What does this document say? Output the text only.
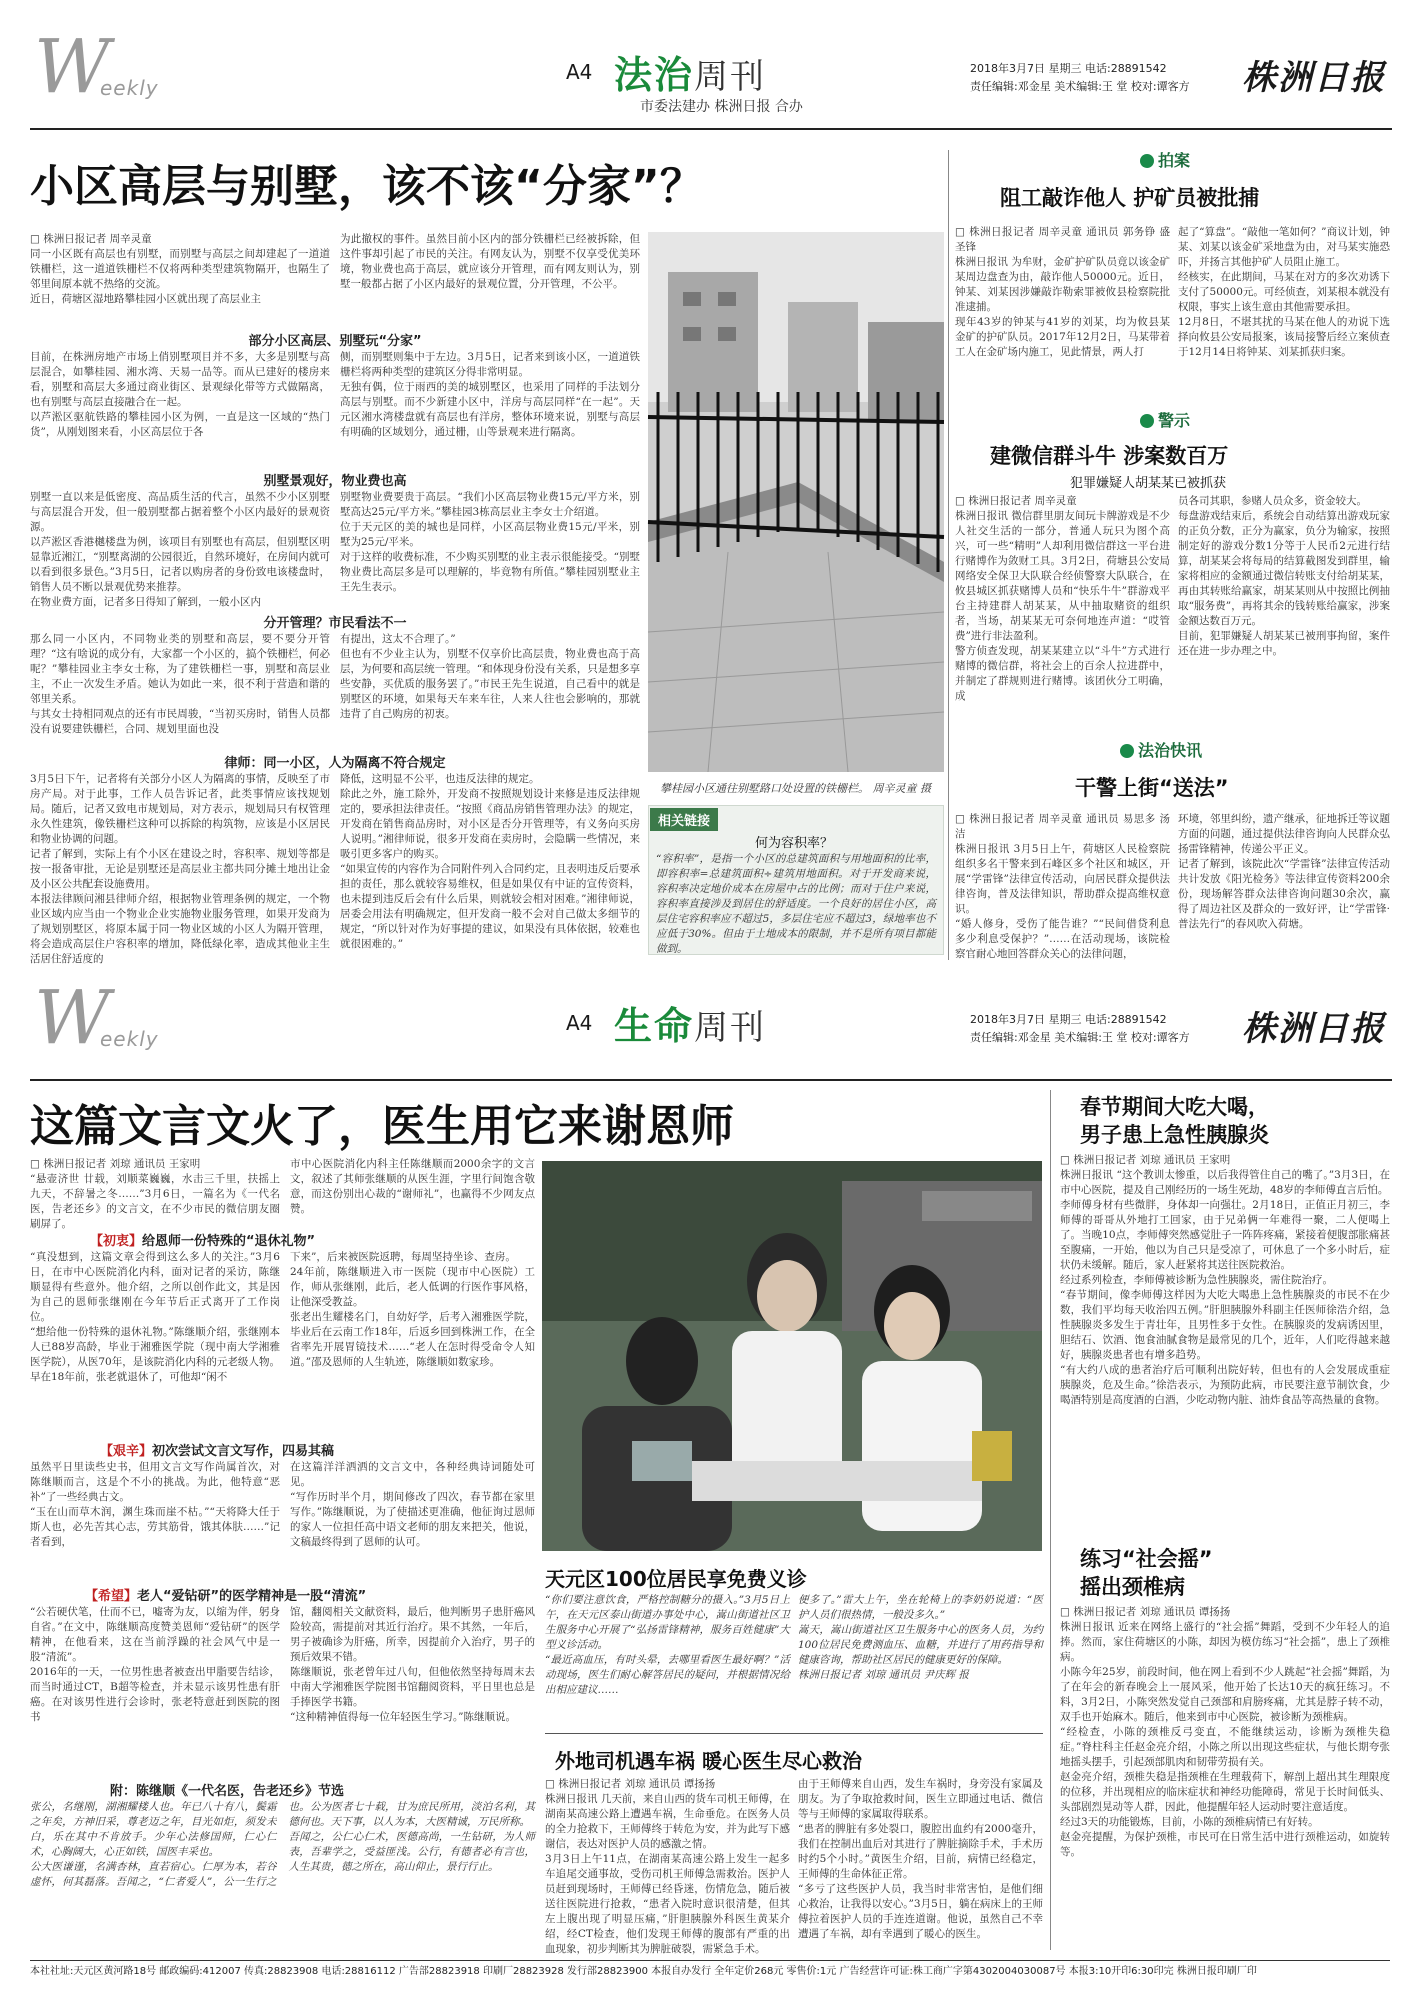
W
eekly
A4 法治周刊
市委法建办 株洲日报 合办
2018年3月7日 星期三 电话:28891542
责任编辑:邓金星 美术编辑:王 堂 校对:谭客方 株洲日报
小区高层与别墅，该不该“分家”？
□ 株洲日报记者 周辛灵童
同一小区既有高层也有别墅，而别墅与高层之间却建起了一道道铁栅栏，这一道道铁栅栏不仅将两种类型建筑物隔开，也隔生了邻里间原本就不热络的交流。
近日，荷塘区湿地路攀桂园小区就出现了高层业主
为此撤权的事件。虽然目前小区内的部分铁栅栏已经被拆除，但这件事却引起了市民的关注。有网友认为，别墅不仅享受优美环境，物业费也高于高层，就应该分开管理，而有网友则认为，别墅一般都占据了小区内最好的景观位置，分开管理，不公平。
部分小区高层、别墅玩“分家”
目前，在株洲房地产市场上俏别墅项目并不多，大多是别墅与高层混合，如攀桂园、湘水湾、天易一品等。而从已建好的楼房来看，别墅和高层大多通过商业街区、景观绿化带等方式做隔离，也有别墅与高层直接融合在一起。
以芦淞区驱航铁路的攀桂园小区为例，一直是这一区域的“热门货”，从刚划图来看，小区高层位于各
侧，而别墅则集中于左边。3月5日，记者来到该小区，一道道铁栅栏将两种类型的建筑区分得非常明显。
无独有偶，位于雨西的美的城别墅区，也采用了同样的手法划分高层与别墅。而不少新建小区中，洋房与高层同样“在一起”。天元区湘水湾楼盘就有高层也有洋房，整体环境来说，别墅与高层有明确的区域划分，通过栅，山等景观来进行隔离。
别墅景观好，物业费也高
别墅一直以来是低密度、高品质生活的代言，虽然不少小区别墅与高层混合开发，但一般别墅都占据着整个小区内最好的景观资源。
以芦淞区香港樾楼盘为例，该项目有别墅也有高层，但别墅区明显靠近湘江，“别墅离湖的公园很近，自然环境好，在房间内就可以看到很多景色。”3月5日，记者以购房者的身份致电该楼盘时，销售人员不断以景观优势来推荐。
在物业费方面，记者多日得知了解到，一般小区内
别墅物业费要贵于高层。“我们小区高层物业费15元/平方米，别墅高达25元/平方米。”攀桂园3栋高层业主李女士介绍道。
位于天元区的美的城也是同样，小区高层物业费15元/平米，别墅为25元/平米。
对于这样的收费标准，不少购买别墅的业主表示很能接受。“别墅物业费比高层多是可以理解的，毕竟物有所值。”攀桂园别墅业主王先生表示。
分开管理？市民看法不一
那么同一小区内，不同物业类的别墅和高层，要不要分开管理？“这有啥说的成分有，大家都一个小区的，搞个铁栅栏，何必呢？”攀桂园业主李女士称，为了建铁栅栏一事，别墅和高层业主，不止一次发生矛盾。她认为如此一来，很不利于营造和谐的邻里关系。
与其女士持相同观点的还有市民周骏，“当初买房时，销售人员都没有说要建铁栅栏，合同、规划里面也没
有提出，这太不合理了。”
但也有不少业主认为，别墅不仅享价比高层贵，物业费也高于高层，为何要和高层统一管理。“和体现身份没有关系，只是想多享些安静，买优质的服务罢了。”市民王先生说道，自己看中的就是别墅区的环境，如果每天车来车往，人来人往也会影响的，那就违背了自己购房的初衷。
律师：同一小区，人为隔离不符合规定
3月5日下午，记者将有关部分小区人为隔离的事情，反映至了市房产局。对于此事，工作人员告诉记者，此类事情应该找规划局。随后，记者又致电市规划局，对方表示，规划局只有权管理永久性建筑，像铁栅栏这种可以拆除的构筑物，应该是小区居民和物业协调的问题。
记者了解到，实际上有个小区在建设之时，容积率、规划等都是按一报备审批，无论是别墅还是高层业主都共同分摊土地出让金及小区公共配套设施费用。
本报法律顾问湘县律师介绍，根据物业管理条例的规定，一个物业区域内应当由一个物业企业实施物业服务管理，如果开发商为了规划别墅区，将原本属于同一物业区域的小区人为隔开管理，将会造成高层住户容积率的增加，降低绿化率，造成其他业主生活居住舒适度的
降低，这明显不公平，也违反法律的规定。
除此之外，施工除外，开发商不按照规划设计来修是违反法律规定的，要承担法律责任。“按照《商品房销售管理办法》的规定，开发商在销售商品房时，对小区是否分开管理等，有义务向买房人说明。”湘律师说，很多开发商在卖房时，会隐瞒一些情况，来吸引更多客户的购买。
“如果宣传的内容作为合同附件列入合同约定，且表明违反后要承担的责任，那么就较容易维权，但是如果仅有中证的宣传资料，也未提到违反后会有什么后果，则就较会相对困难。”湘律师说，居委会用法有明确规定，但开发商一般不会对自己做太多细节的规定，“所以针对作为好事提的建议，如果没有具体依据，较难也就很困难的。”
攀桂园小区通往别墅路口处设置的铁栅栏。 周辛灵童 摄
相关链接
何为容积率？
“容积率”，是指一个小区的总建筑面积与用地面积的比率，即容积率=总建筑面积÷建筑用地面积。对于开发商来说，容积率决定地价成本在房屋中占的比例；而对于住户来说，容积率直接涉及到居住的舒适度。一个良好的居住小区，高层住宅容积率应不超过5，多层住宅应不超过3，绿地率也不应低于30%。但由于土地成本的限制，并不是所有项目都能做到。
拍案
阻工敲诈他人 护矿员被批捕
□ 株洲日报记者 周辛灵童 通讯员 郭务铮 盛圣锋
株洲日报讯 为牟财，金矿护矿队员竟以该金矿某周边盘查为由，敲诈他人50000元。近日，钟某、刘某因涉嫌敲诈勒索罪被攸县检察院批准逮捕。
现年43岁的钟某与41岁的刘某，均为攸县某金矿的护矿队员。2017年12月2日，马某带着工人在金矿场内施工，见此情景，两人打
起了“算盘”。“敲他一笔如何？”商议计划，钟某、刘某以该金矿采地盘为由，对马某实施恐吓，并扬言其他护矿人员阻止施工。
经核实，在此期间，马某在对方的多次劝诱下支付了50000元。可经侦查，刘某根本就没有权限，事实上该生意由其他需要承担。
12月8日，不堪其扰的马某在他人的劝说下选择向攸县公安局报案，该局接警后经立案侦查于12月14日将钟某、刘某抓获归案。
警示
建微信群斗牛 涉案数百万
犯罪嫌疑人胡某某已被抓获
□ 株洲日报记者 周辛灵童
株洲日报讯 微信群里朋友间玩卡牌游戏是不少人社交生活的一部分，普通人玩只为图个高兴，可一些“精明”人却利用微信群这一平台进行赌博作为敛财工具。3月2日，荷塘县公安局网络安全保卫大队联合经侦警察大队联合，在攸县城区抓获赌博人员和“快乐牛牛”群游戏平台主持建群人胡某某，从中抽取赌资的组织者，当场，胡某某无可奈何地连声道：“哎管费”进行非法盈利。
警方侦查发现，胡某某建立以“斗牛”方式进行赌博的微信群，将社会上的百余人拉进群中，并制定了群规则进行赌博。该团伙分工明确，成
员各司其职，参赌人员众多，资金较大。
每盘游戏结束后，系统会自动结算出游戏玩家的正负分数，正分为赢家，负分为输家，按照制定好的游戏分数1分等于人民币2元进行结算，胡某某会将每局的结算截图发到群里，输家将相应的金额通过微信转账支付给胡某某，再由其转账给赢家，胡某某则从中按照比例抽取“服务费”，再将其余的钱转账给赢家，涉案金额达数百万元。
目前，犯罪嫌疑人胡某某已被刑事拘留，案件还在进一步办理之中。
法治快讯
干警上街“送法”
□ 株洲日报记者 周辛灵童 通讯员 易思多 汤洁
株洲日报讯 3月5日上午，荷塘区人民检察院组织多名干警来到石峰区多个社区和城区，开展“学雷锋”法律宣传活动，向居民群众提供法律咨询，普及法律知识，帮助群众提高维权意识。
“婚人修身，受伤了能告谁？”“民间借贷利息多少利息受保护？”……在活动现场，该院检察官耐心地回答群众关心的法律问题，
环境，邻里纠纷，遗产继承，征地拆迁等议题方面的问题，通过提供法律咨询向人民群众弘扬雷锋精神，传递公平正义。
记者了解到，该院此次“学雷锋”法律宣传活动共计发放《阳光检务》等法律宣传资料200余份，现场解答群众法律咨询问题30余次，赢得了周边社区及群众的一致好评，让“学雷锋·普法先行”的春风吹入荷塘。
W
eekly
A4 生命周刊	2018年3月7日 星期三 电话:28891542
责任编辑:邓金星 美术编辑:王 堂 校对:谭客方 株洲日报
这篇文言文火了，医生用它来谢恩师
□ 株洲日报记者 刘琼 通讯员 王家明
“悬壶济世 廿载，刘顺菜巍巍，水击三千里，扶摇上九天，不辞暑之冬……”3月6日，一篇名为《一代名医，告老还乡》的文言文，在不少市民的微信朋友圈刷屏了。
市中心医院消化内科主任陈继顺而2000余字的文言文，叙述了其师张继顺的从医生涯，字里行间饱含敬意，而这份别出心裁的“谢师礼”，也赢得不少网友点赞。
【初衷】给恩师一份特殊的“退休礼物”
“真没想到，这篇文章会得到这么多人的关注。”3月6日，在市中心医院消化内科，面对记者的采访，陈继顺显得有些意外。他介绍，之所以创作此文，其是因为自己的恩师张继刚在今年节后正式离开了工作岗位。
“想给他一份特殊的退休礼物。”陈继顺介绍，张继刚本人已88岁高龄，毕业于湘雅医学院（现中南大学湘雅医学院），从医70年，是该院消化内科的元老级人物。早在18年前，张老就退休了，可他却“闲不
下来”，后来被医院返聘，每周坚持坐诊、查房。
24年前，陈继顺进入市一医院（现市中心医院）工作，师从张继刚，此后，老人低调的行医作事风格，让他深受教益。
张老出生耀楼名门，自幼好学，后考入湘雅医学院，毕业后在云南工作18年，后返乡回到株洲工作，在全省率先开展胃镜技术……“老人在怎时得受命令人知道。”邵及恩师的人生轨迹，陈继顺如数家珍。
【艰辛】初次尝试文言文写作，四易其稿
虽然平日里读些史书，但用文言文写作尚属首次，对陈继顺而言，这是个不小的挑战。为此，他特意“恶补”了一些经典古文。
“玉在山而草木润，渊生珠而崖不枯。”“天将降大任于斯人也，必先苦其心志，劳其筋骨，饿其体肤……”记者看到，
在这篇洋洋洒洒的文言文中，各种经典诗词随处可见。
“写作历时半个月，期间修改了四次，春节都在家里写作。”陈继顺说，为了使描述更准确，他征询过恩师的家人一位担任高中语文老师的朋友来把关，他说，文稿最终得到了恩师的认可。
【希望】老人“爱钻研”的医学精神是一股“清流”
“公若硬伏笔，仕而不已，嘘寄为友，以缩为伴，躬身自省。”在文中，陈继顺高度赞美恩师“爱钻研”的医学精神，在他看来，这在当前浮躁的社会风气中是一股“清流”。
2016年的一天，一位男性患者被查出甲脂要告结诊，而当时通过CT，B超等检查，并未显示该男性患有肝癌。在对该男性进行会诊时，张老特意赶到医院的图书
馆，翻阅相关文献资料，最后，他判断男子患肝癌风险较高，需提前对其近行治疗。果不其然，一年后，男子被确诊为肝癌，所幸，因提前介入治疗，男子的预后效果不错。
陈继顺说，张老曾年过八旬，但他依然坚持每周末去中南大学湘雅医学院图书馆翻阅资料，平日里也总是手捧医学书籍。
“这种精神值得每一位年轻医生学习。”陈继顺说。
附：陈继顺《一代名医，告老还乡》节选
张公，名继刚，湖湘耀楼人也。年已八十有八，鬓霜之年矣，方神旧采，尊老迈之年，目光如炬，须发未白，乐在其中不肯放手。少年心法修国师，仁心仁术，心胸阔大，心正如铁，国医丰采也。
公大医谦谨，名满杏林，直若宿心。仁厚为本，若谷虚怀，何其磊落。吾闻之，“仁者爱人”，公一生行之也。公为医者七十载，甘为庶民所用，淡泊名利，其德何也。天下事，以人为本，大医精诚，万民所称。
吾闻之，公仁心仁术，医德高尚，一生钻研，为人师表，吾辈学之，受益匪浅。公行，有德者必有言也，人生其贵，德之所在，高山仰止，景行行止。
天元区100位居民享免费义诊
“你们要注意饮食，严格控制糖分的摄入。”3月5日上午，在天元区泰山街道办事处中心，嵩山街道社区卫生服务中心开展了“弘扬雷锋精神，服务百姓健康”大型义诊活动。
“最近高血压，有时头晕，去哪里看医生最好啊？”活动现场，医生们耐心解答居民的疑问，并根据情况给出相应建议……
便多了。”雷大上午，坐在轮椅上的李奶奶说道：“医护人员们很热情，一般没多久。”
嵩天，嵩山街道社区卫生服务中心的医务人员，为约100位居民免费测血压、血糖，并进行了用药指导和健康咨询，帮助社区居民的健康更好的保障。
株洲日报记者 刘琼 通讯员 尹庆辉 报
外地司机遇车祸 暖心医生尽心救治
□ 株洲日报记者 刘琼 通讯员 谭扬扬
株洲日报讯 几天前，来自山西的货车司机王师傅，在湖南某高速公路上遭遇车祸，生命垂危。在医务人员的全力抢救下，王师傅终于转危为安，并为此写下感谢信，表达对医护人员的感激之情。
3月3日上午11点，在湖南某高速公路上发生一起多车追尾交通事故，受伤司机王师傅急需救治。医护人员赶到现场时，王师傅已经昏迷，伤情危急，随后被送往医院进行抢救，“患者入院时意识很清楚，但其左上腹出现了明显压痛，”肝胆胰腺外科医生黄某介绍，经CT检查，他们发现王师傅的腹部有严重的出血现象，初步判断其为脾脏破裂，需紧急手术。
由于王师傅来自山西，发生车祸时，身旁没有家属及朋友。为了争取抢救时间，医生立即通过电话、微信等与王师傅的家属取得联系。
“患者的脾脏有多处裂口，腹腔出血约有2000毫升，我们在控制出血后对其进行了脾脏摘除手术，手术历时约5个小时。”黄医生介绍，目前，病情已经稳定，王师傅的生命体征正常。
“多亏了这些医护人员，我当时非常害怕，是他们细心救治，让我得以安心。”3月5日，躺在病床上的王师傅拉着医护人员的手连连道谢。他说，虽然自己不幸遭遇了车祸，却有幸遇到了暖心的医生。
春节期间大吃大喝，
男子患上急性胰腺炎
□ 株洲日报记者 刘琼 通讯员 王家明
株洲日报讯 “这个教训太惨重，以后我得管住自己的嘴了。”3月3日，在市中心医院，提及自己刚经历的一场生死劫，48岁的李师傅直言后怕。
李师傅身材有些微胖，身体却一向强壮。2月18日，正值正月初三，李师傅的哥哥从外地打工回家，由于兄弟俩一年难得一聚，二人便喝上了。当晚10点，李师傅突然感觉肚子一阵阵疼痛，紧接着便腹部胀痛甚至腹痛，一开始，他以为自己只是受凉了，可休息了一个多小时后，症状仍未缓解。随后，家人赶紧将其送往医院救治。
经过系列检查，李师傅被诊断为急性胰腺炎，需住院治疗。
“春节期间，像李师傅这样因为大吃大喝患上急性胰腺炎的市民不在少数，我们平均每天收治四五例。”肝胆胰腺外科副主任医师徐浩介绍，急性胰腺炎多发生于青壮年，且男性多于女性。在胰腺炎的发病诱因里，胆结石、饮酒、饱食油腻食物是最常见的几个，近年，人们吃得越来越好，胰腺炎患者也有增多趋势。
“有大约八成的患者治疗后可顺利出院好转，但也有的人会发展成重症胰腺炎，危及生命。”徐浩表示，为预防此病，市民要注意节制饮食，少喝酒特别是高度酒的白酒，少吃动物内脏、油炸食品等高热量的食物。
练习“社会摇”
摇出颈椎病
□ 株洲日报记者 刘琼 通讯员 谭扬扬
株洲日报讯 近来在网络上盛行的“社会摇”舞蹈，受到不少年轻人的追捧。然而，家住荷塘区的小陈，却因为模仿练习“社会摇”，患上了颈椎病。
小陈今年25岁，前段时间，他在网上看到不少人跳起“社会摇”舞蹈，为了在年会的新春晚会上一展风采，他开始了长达10天的疯狂练习。不料，3月2日，小陈突然发觉自己颈部和肩膀疼痛，尤其是脖子转不动，双手也开始麻木。随后，他来到市中心医院，被诊断为颈椎病。
“经检查，小陈的颈椎反弓变直，不能继续运动，诊断为颈椎失稳症。”脊柱科主任赵金亮介绍，小陈之所以出现这些症状，与他长期夸张地摇头摆手，引起颈部肌肉和韧带劳损有关。
赵金亮介绍，颈椎失稳是指颈椎在生理载荷下，解剖上超出其生理限度的位移，并出现相应的临床症状和神经功能障碍，常见于长时间低头、头部剧烈晃动等人群，因此，他提醒年轻人运动时要注意适度。
经过3天的功能锻炼，目前，小陈的颈椎病情已有好转。
赵金亮提醒，为保护颈椎，市民可在日常生活中进行颈椎运动，如旋转等。
本社社址:天元区黄河路18号 邮政编码:412007 传真:28823908 电话:28816112 广告部28823918 印刷厂28823928 发行部28823900 本报自办发行 全年定价268元 零售价:1元 广告经营许可证:株工商广字第4302004030087号 本报3:10开印6:30印完 株洲日报印刷厂印
